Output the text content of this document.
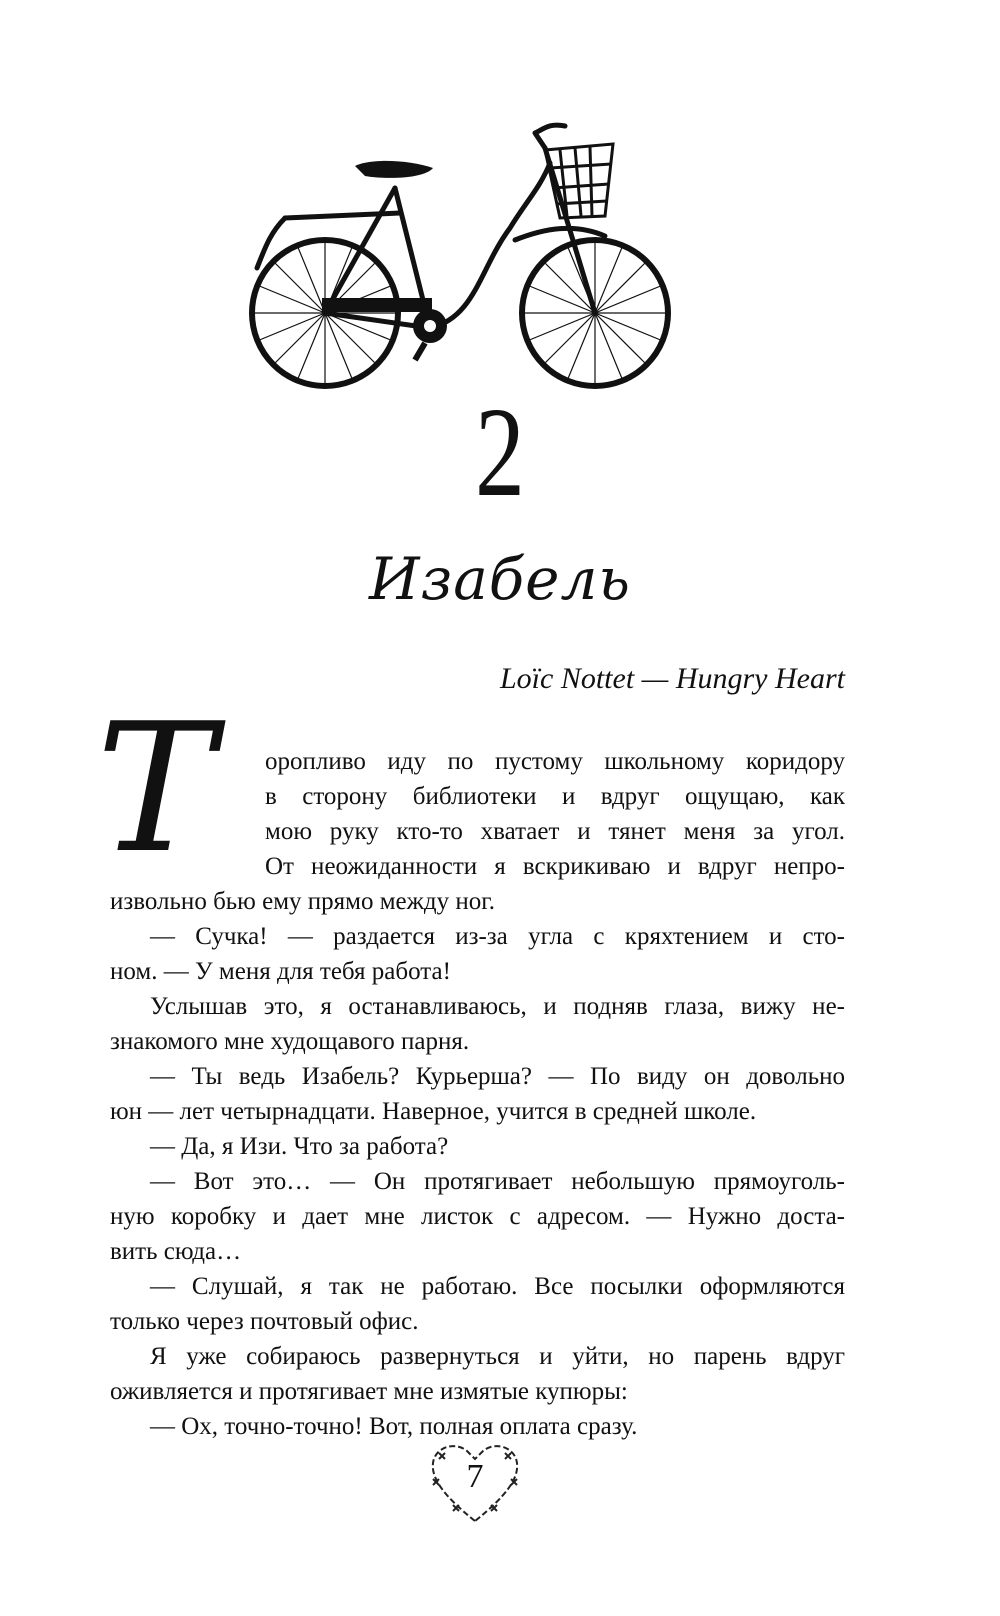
2
Изабель
Loïc Nottet — Hungry Heart
Т	оропливо иду по пустому школьному коридору
в сторону библиотеки и вдруг ощущаю, как
мою руку кто-то хватает и тянет меня за угол.
От неожиданности я вскрикиваю и вдруг непро-
извольно бью ему прямо между ног.
— Сучка! — раздается из-за угла с кряхтением и сто-
ном. — У меня для тебя работа!
Услышав это, я останавливаюсь, и подняв глаза, вижу не-
знакомого мне худощавого парня.
— Ты ведь Изабель? Курьерша? — По виду он довольно
юн — лет четырнадцати. Наверное, учится в средней школе.
— Да, я Изи. Что за работа?
— Вот это… — Он протягивает небольшую прямоуголь-
ную коробку и дает мне листок с адресом. — Нужно доста-
вить сюда…
— Слушай, я так не работаю. Все посылки оформляются
только через почтовый офис.
Я уже собираюсь развернуться и уйти, но парень вдруг
оживляется и протягивает мне измятые купюры:
— Ох, точно-точно! Вот, полная оплата сразу.
7
